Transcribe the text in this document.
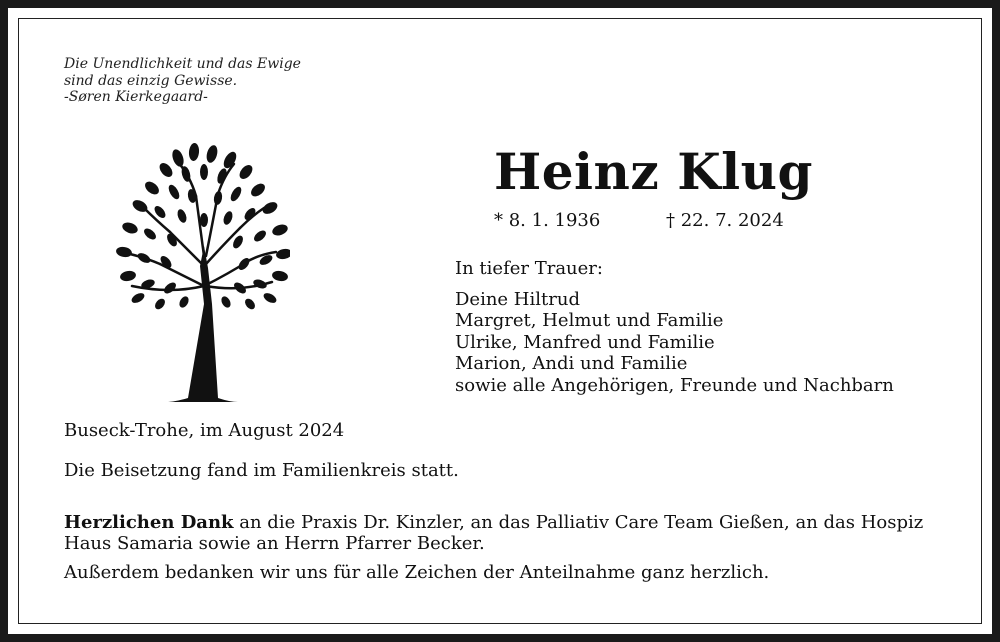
Die Unendlichkeit und das Ewige
sind das einzig Gewisse.
-Søren Kierkegaard-
Heinz Klug
* 8. 1. 1936	† 22. 7. 2024
In tiefer Trauer:
Deine Hiltrud
Margret, Helmut und Familie
Ulrike, Manfred und Familie
Marion, Andi und Familie
sowie alle Angehörigen, Freunde und Nachbarn
Buseck-Trohe, im August 2024
Die Beisetzung fand im Familienkreis statt.
Herzlichen Dank an die Praxis Dr. Kinzler, an das Palliativ Care Team Gießen, an das Hospiz Haus Samaria sowie an Herrn Pfarrer Becker.
Außerdem bedanken wir uns für alle Zeichen der Anteilnahme ganz herzlich.
